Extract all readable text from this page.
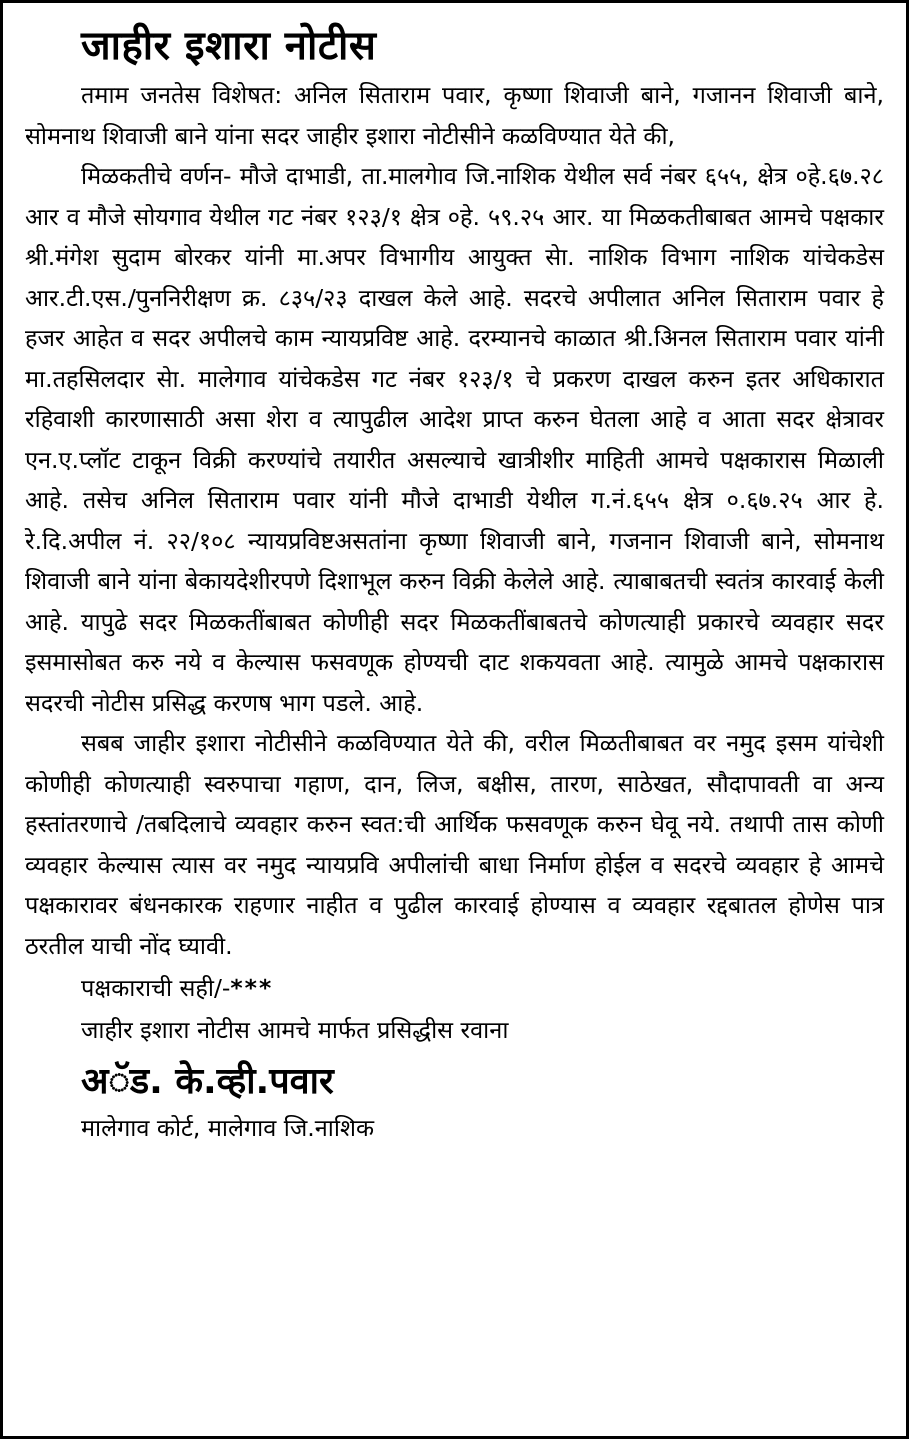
जाहीर इशारा नोटीस

तमाम जनतेस विशेषत: अनिल सिताराम पवार, कृष्णा शिवाजी बाने, गजानन शिवाजी बाने, सोमनाथ शिवाजी बाने यांना सदर जाहीर इशारा नोटीसीने कळविण्यात येते की,

मिळकतीचे वर्णन- मौजे दाभाडी, ता.मालगेाव जि.नाशिक येथील सर्व नंबर ६५५, क्षेत्र ०हे.६७.२८ आर व मौजे सोयगाव येथील गट नंबर १२३/१ क्षेत्र ०हे. ५९.२५ आर. या मिळकतीबाबत आमचे पक्षकार श्री.मंगेश सुदाम बोरकर यांनी मा.अपर विभागीय आयुक्त सेा. नाशिक विभाग नाशिक यांचेकडेस आर.टी.एस./पुननिरीक्षण क्र. ८३५/२३ दाखल केले आहे. सदरचे अपीलात अनिल सिताराम पवार हे हजर आहेत व सदर अपीलचे काम न्यायप्रविष्ट आहे. दरम्यानचे काळात श्री.अिनल सिताराम पवार यांनी मा.तहसिलदार सेा. मालेगाव यांचेकडेस गट नंबर १२३/१ चे प्रकरण दाखल करुन इतर अधिकारात रहिवाशी कारणासाठी असा शेरा व त्यापुढील आदेश प्राप्त करुन घेतला आहे व आता सदर क्षेत्रावर एन.ए.प्लॉट टाकून विक्री करण्यांचे तयारीत असल्याचे खात्रीशीर माहिती आमचे पक्षकारास मिळाली आहे. तसेच अनिल सिताराम पवार यांनी मौजे दाभाडी येथील ग.नं.६५५ क्षेत्र ०.६७.२५ आर हे. रे.दि.अपील नं. २२/१०८ न्यायप्रविष्टअसतांना कृष्णा शिवाजी बाने, गजनान शिवाजी बाने, सोमनाथ शिवाजी बाने यांना बेकायदेशीरपणे दिशाभूल करुन विक्री केलेले आहे. त्याबाबतची स्वतंत्र कारवाई केली आहे. यापुढे सदर मिळकतींबाबत कोणीही सदर मिळकतींबाबतचे कोणत्याही प्रकारचे व्यवहार सदर इसमासोबत करु नये व केल्यास फसवणूक होण्यची दाट शकयवता आहे. त्यामुळे आमचे पक्षकारास सदरची नोटीस प्रसिद्ध करणष भाग पडले. आहे.

सबब जाहीर इशारा नोटीसीने कळविण्यात येते की, वरील मिळतीबाबत वर नमुद इसम यांचेशी कोणीही कोणत्याही स्वरुपाचा गहाण, दान, लिज, बक्षीस, तारण, साठेखत, सौदापावती वा अन्य हस्तांतरणाचे /तबदिलाचे व्यवहार करुन स्वत:ची आर्थिक फसवणूक करुन घेवू नये. तथापी तास कोणी व्यवहार केल्यास त्यास वर नमुद न्यायप्रवि अपीलांची बाधा निर्माण होईल व सदरचे व्यवहार हे आमचे पक्षकारावर बंधनकारक राहणार नाहीत व पुढील कारवाई होण्यास व व्यवहार रद्दबातल होणेस पात्र ठरतील याची नोंद घ्यावी.

पक्षकाराची सही/-***
जाहीर इशारा नोटीस आमचे मार्फत प्रसिद्धीस रवाना
अॅड. के.व्ही.पवार
मालेगाव कोर्ट, मालेगाव जि.नाशिक
